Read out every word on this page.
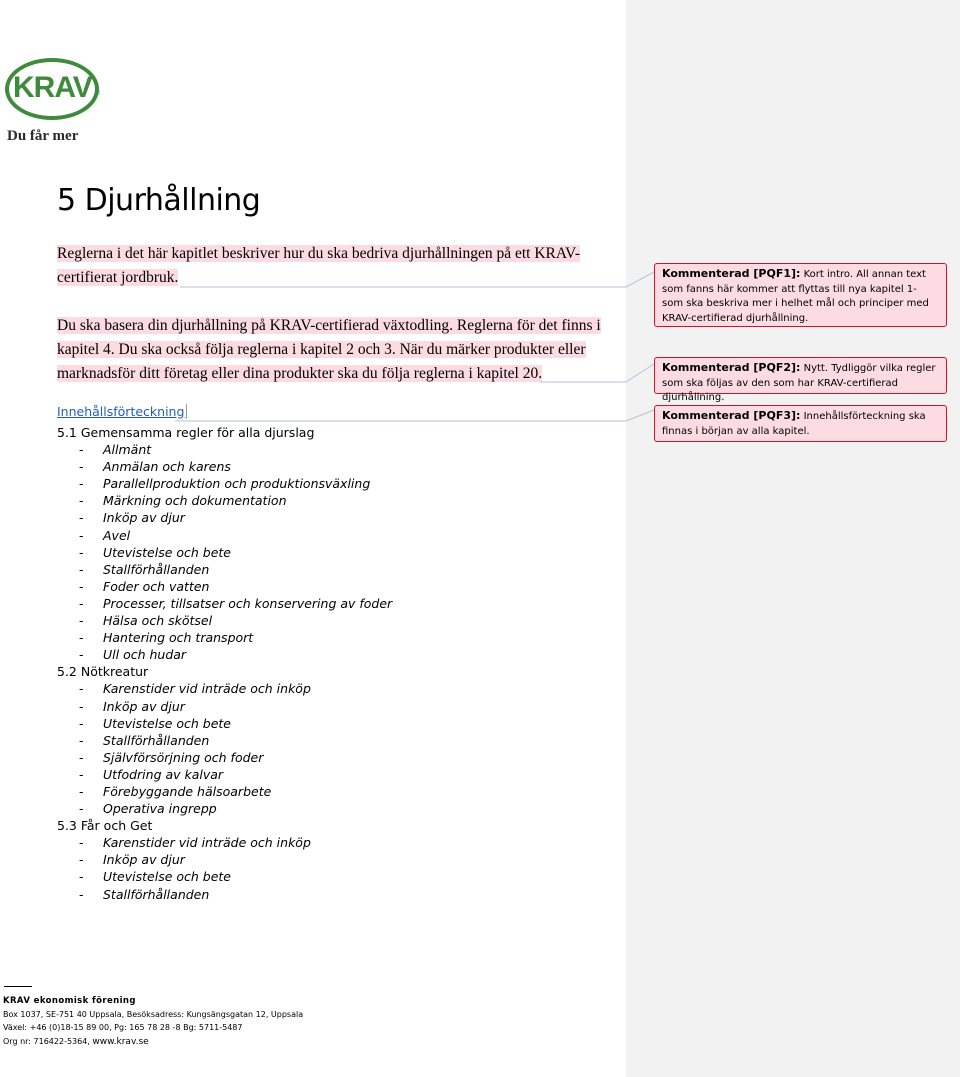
KRAV ®
Du får mer
5 Djurhållning

Reglerna i det här kapitlet beskriver hur du ska bedriva djurhållningen på ett KRAV-certifierat jordbruk.

Du ska basera din djurhållning på KRAV-certifierad växtodling. Reglerna för det finns i kapitel 4. Du ska också följa reglerna i kapitel 2 och 3. När du märker produkter eller marknadsför ditt företag eller dina produkter ska du följa reglerna i kapitel 20.

Innehållsförteckning

5.1 Gemensamma regler för alla djurslag

- Allmänt

- Anmälan och karens

- Parallellproduktion och produktionsväxling

- Märkning och dokumentation

- Inköp av djur

- Avel

- Utevistelse och bete

- Stallförhållanden

- Foder och vatten

- Processer, tillsatser och konservering av foder

- Hälsa och skötsel

- Hantering och transport

- Ull och hudar

5.2 Nötkreatur

- Karenstider vid inträde och inköp

- Inköp av djur

- Utevistelse och bete

- Stallförhållanden

- Självförsörjning och foder

- Utfodring av kalvar

- Förebyggande hälsoarbete

- Operativa ingrepp

5.3 Får och Get

- Karenstider vid inträde och inköp

- Inköp av djur

- Utevistelse och bete

- Stallförhållanden

KRAV ekonomisk förening
Box 1037, SE-751 40 Uppsala, Besöksadress: Kungsängsgatan 12, Uppsala
Växel: +46 (0)18-15 89 00, Pg: 165 78 28 -8 Bg: 5711-5487
Org nr: 716422-5364, www.krav.se
Kommenterad [PQF1]: Kort intro. All annan text som fanns här kommer att flyttas till nya kapitel 1- som ska beskriva mer i helhet mål och principer med KRAV-certifierad djurhållning.
Kommenterad [PQF2]: Nytt. Tydliggör vilka regler som ska följas av den som har KRAV-certifierad djurhållning.
Kommenterad [PQF3]: Innehållsförteckning ska finnas i början av alla kapitel.
